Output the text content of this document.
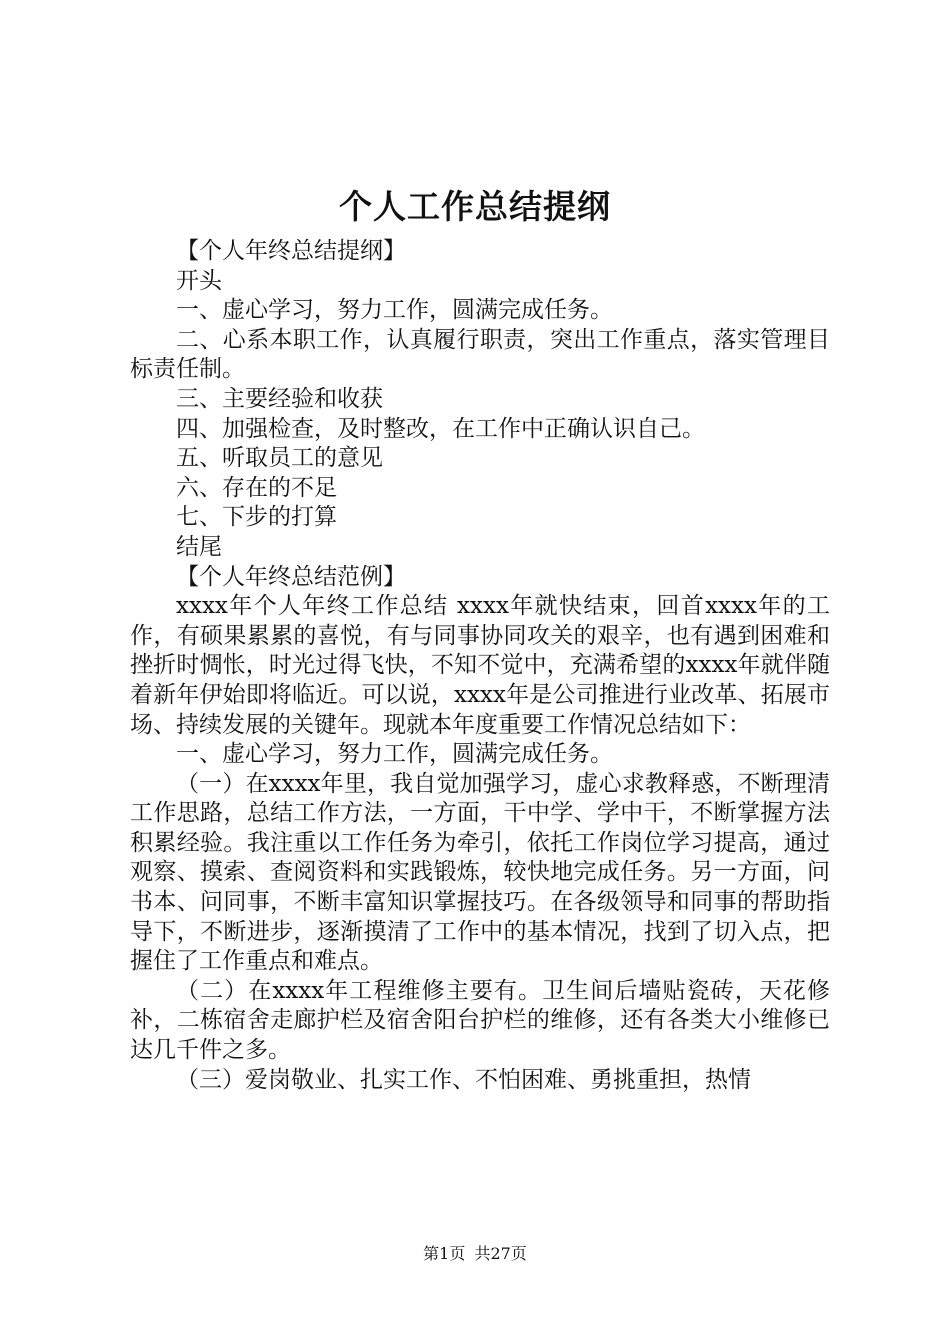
个人工作总结提纲

【个人年终总结提纲】

开头

一、虚心学习，努力工作，圆满完成任务。

二、心系本职工作，认真履行职责，突出工作重点，落实管理目标责任制。

三、主要经验和收获

四、加强检查，及时整改，在工作中正确认识自己。

五、听取员工的意见

六、存在的不足

七、下步的打算

结尾

【个人年终总结范例】

xxxx年个人年终工作总结 xxxx年就快结束，回首xxxx年的工作，有硕果累累的喜悦，有与同事协同攻关的艰辛，也有遇到困难和挫折时惆怅，时光过得飞快，不知不觉中，充满希望的xxxx年就伴随着新年伊始即将临近。可以说，xxxx年是公司推进行业改革、拓展市场、持续发展的关键年。现就本年度重要工作情况总结如下：

一、虚心学习，努力工作，圆满完成任务。

（一）在xxxx年里，我自觉加强学习，虚心求教释惑，不断理清工作思路，总结工作方法，一方面，干中学、学中干，不断掌握方法积累经验。我注重以工作任务为牵引，依托工作岗位学习提高，通过观察、摸索、查阅资料和实践锻炼，较快地完成任务。另一方面，问书本、问同事，不断丰富知识掌握技巧。在各级领导和同事的帮助指导下，不断进步，逐渐摸清了工作中的基本情况，找到了切入点，把握住了工作重点和难点。

（二）在xxxx年工程维修主要有。卫生间后墙贴瓷砖，天花修补，二栋宿舍走廊护栏及宿舍阳台护栏的维修，还有各类大小维修已达几千件之多。

（三）爱岗敬业、扎实工作、不怕困难、勇挑重担，热情

第1页 共27页
